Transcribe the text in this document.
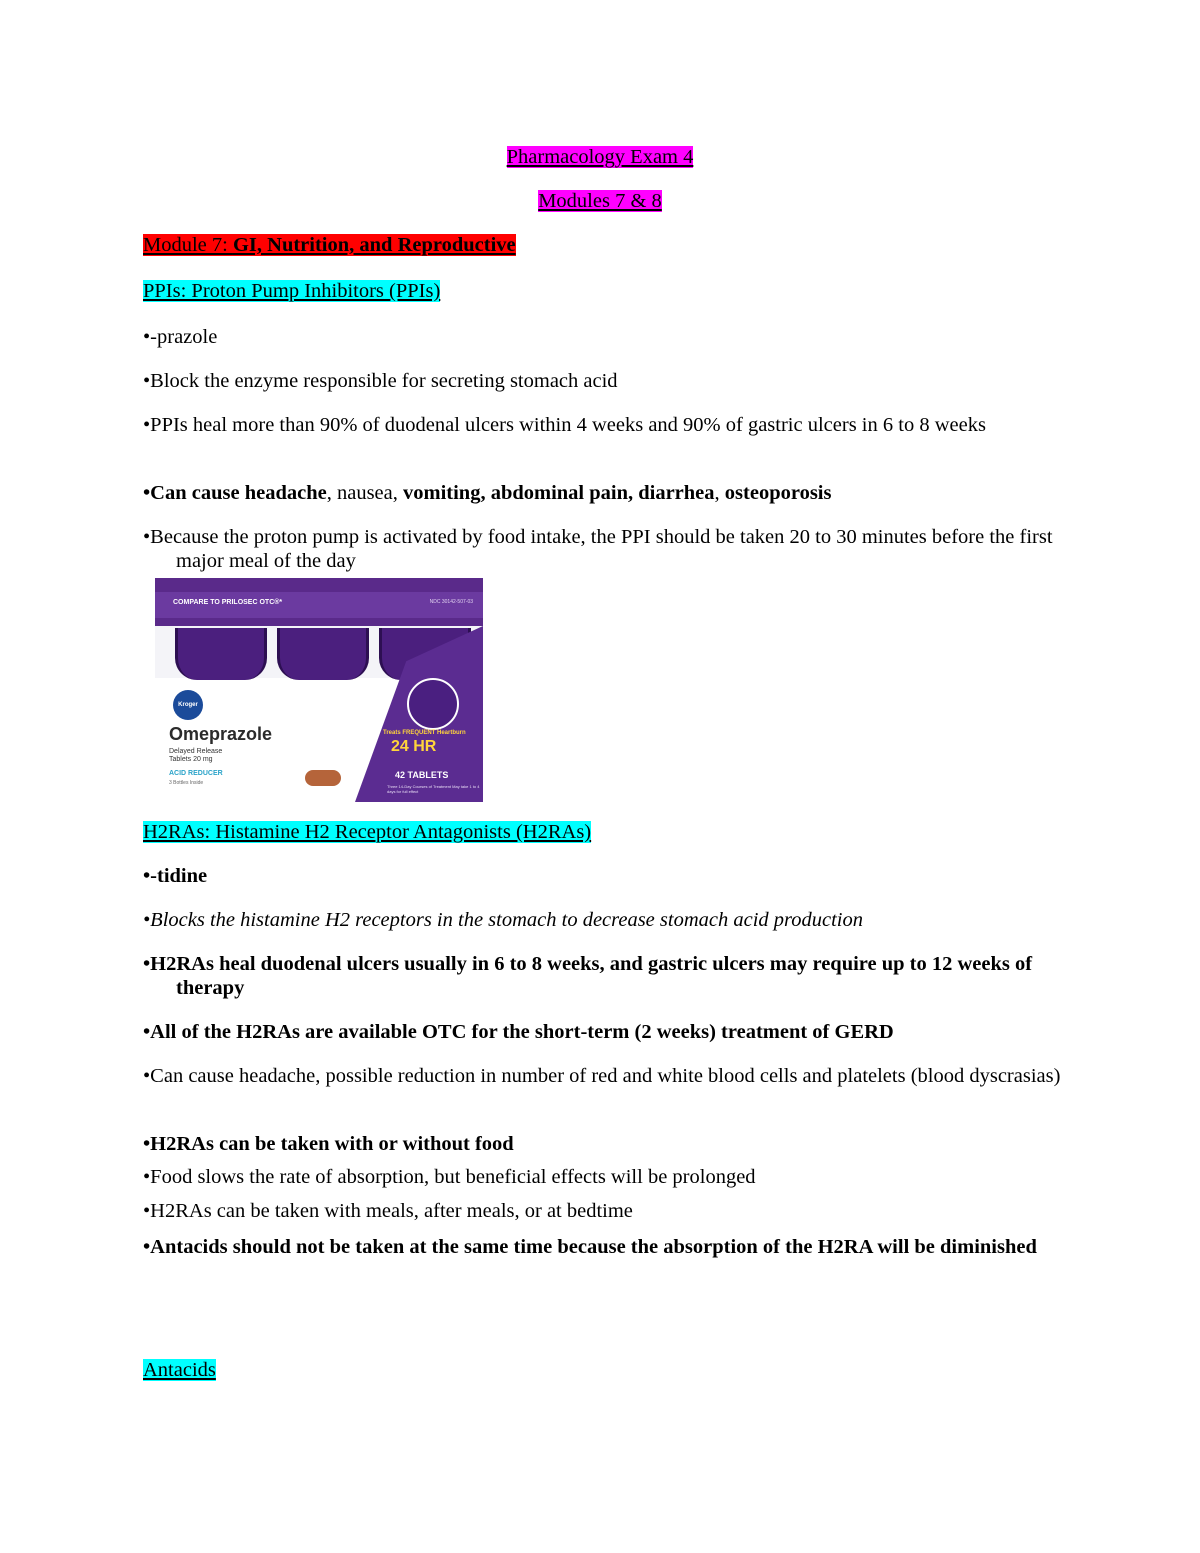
Pharmacology Exam 4
Modules 7 & 8
Module 7: GI, Nutrition, and Reproductive
PPIs: Proton Pump Inhibitors (PPIs)
•-prazole
•Block the enzyme responsible for secreting stomach acid
•PPIs heal more than 90% of duodenal ulcers within 4 weeks and 90% of gastric ulcers in 6 to 8 weeks
•Can cause headache, nausea, vomiting, abdominal pain, diarrhea, osteoporosis
•Because the proton pump is activated by food intake, the PPI should be taken 20 to 30 minutes before the first major meal of the day
COMPARE TO PRILOSEC OTC®*	NDC 30142-507-03
Kroger
Omeprazole
Delayed Release
Tablets 20 mg
ACID REDUCER
3 Bottles Inside
Treats FREQUENT Heartburn
24 HR
42 TABLETS
Three 14-Day Courses of Treatment May take 1 to 4 days for full effect
H2RAs: Histamine H2 Receptor Antagonists (H2RAs)
•-tidine
•Blocks the histamine H2 receptors in the stomach to decrease stomach acid production
•H2RAs heal duodenal ulcers usually in 6 to 8 weeks, and gastric ulcers may require up to 12 weeks of therapy
•All of the H2RAs are available OTC for the short-term (2 weeks) treatment of GERD
•Can cause headache, possible reduction in number of red and white blood cells and platelets (blood dyscrasias)
•H2RAs can be taken with or without food
•Food slows the rate of absorption, but beneficial effects will be prolonged
•H2RAs can be taken with meals, after meals, or at bedtime
•Antacids should not be taken at the same time because the absorption of the H2RA will be diminished
Antacids
